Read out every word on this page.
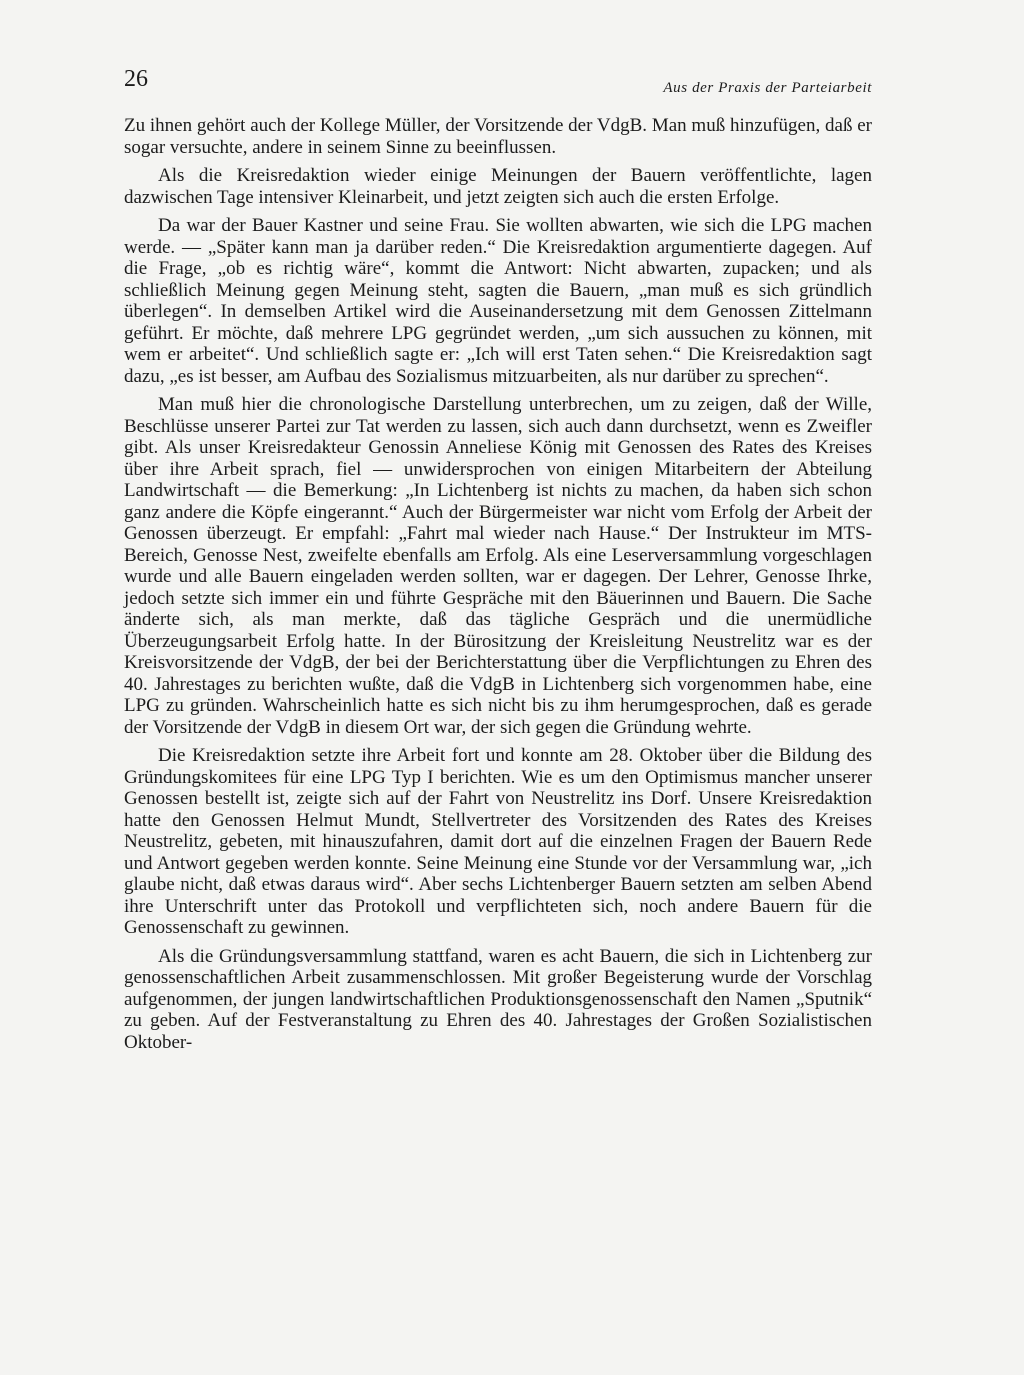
26	Aus der Praxis der Parteiarbeit

Zu ihnen gehört auch der Kollege Müller, der Vorsitzende der VdgB. Man muß hinzufügen, daß er sogar versuchte, andere in seinem Sinne zu beeinflussen.

Als die Kreisredaktion wieder einige Meinungen der Bauern veröffentlichte, lagen dazwischen Tage intensiver Kleinarbeit, und jetzt zeigten sich auch die ersten Erfolge.

Da war der Bauer Kastner und seine Frau. Sie wollten abwarten, wie sich die LPG machen werde. — „Später kann man ja darüber reden.“ Die Kreisredaktion argumentierte dagegen. Auf die Frage, „ob es richtig wäre“, kommt die Antwort: Nicht abwarten, zupacken; und als schließlich Meinung gegen Meinung steht, sagten die Bauern, „man muß es sich gründlich überlegen“. In demselben Artikel wird die Auseinandersetzung mit dem Genossen Zittelmann geführt. Er möchte, daß mehrere LPG gegründet werden, „um sich aussuchen zu können, mit wem er arbeitet“. Und schließlich sagte er: „Ich will erst Taten sehen.“ Die Kreisredaktion sagt dazu, „es ist besser, am Aufbau des Sozialismus mitzuarbeiten, als nur darüber zu sprechen“.

Man muß hier die chronologische Darstellung unterbrechen, um zu zeigen, daß der Wille, Beschlüsse unserer Partei zur Tat werden zu lassen, sich auch dann durchsetzt, wenn es Zweifler gibt. Als unser Kreisredakteur Genossin Anneliese König mit Genossen des Rates des Kreises über ihre Arbeit sprach, fiel — unwidersprochen von einigen Mitarbeitern der Abteilung Landwirtschaft — die Bemerkung: „In Lichtenberg ist nichts zu machen, da haben sich schon ganz andere die Köpfe eingerannt.“ Auch der Bürgermeister war nicht vom Erfolg der Arbeit der Genossen überzeugt. Er empfahl: „Fahrt mal wieder nach Hause.“ Der Instrukteur im MTS-Bereich, Genosse Nest, zweifelte ebenfalls am Erfolg. Als eine Leserversammlung vorgeschlagen wurde und alle Bauern eingeladen werden sollten, war er dagegen. Der Lehrer, Genosse Ihrke, jedoch setzte sich immer ein und führte Gespräche mit den Bäuerinnen und Bauern. Die Sache änderte sich, als man merkte, daß das tägliche Gespräch und die unermüdliche Überzeugungsarbeit Erfolg hatte. In der Bürositzung der Kreisleitung Neustrelitz war es der Kreisvorsitzende der VdgB, der bei der Berichterstattung über die Verpflichtungen zu Ehren des 40. Jahrestages zu berichten wußte, daß die VdgB in Lichtenberg sich vorgenommen habe, eine LPG zu gründen. Wahrscheinlich hatte es sich nicht bis zu ihm herumgesprochen, daß es gerade der Vorsitzende der VdgB in diesem Ort war, der sich gegen die Gründung wehrte.

Die Kreisredaktion setzte ihre Arbeit fort und konnte am 28. Oktober über die Bildung des Gründungskomitees für eine LPG Typ I berichten. Wie es um den Optimismus mancher unserer Genossen bestellt ist, zeigte sich auf der Fahrt von Neustrelitz ins Dorf. Unsere Kreisredaktion hatte den Genossen Helmut Mundt, Stellvertreter des Vorsitzenden des Rates des Kreises Neustrelitz, gebeten, mit hinauszufahren, damit dort auf die einzelnen Fragen der Bauern Rede und Antwort gegeben werden konnte. Seine Meinung eine Stunde vor der Versammlung war, „ich glaube nicht, daß etwas daraus wird“. Aber sechs Lichtenberger Bauern setzten am selben Abend ihre Unterschrift unter das Protokoll und verpflichteten sich, noch andere Bauern für die Genossenschaft zu gewinnen.

Als die Gründungsversammlung stattfand, waren es acht Bauern, die sich in Lichtenberg zur genossenschaftlichen Arbeit zusammenschlossen. Mit großer Begeisterung wurde der Vorschlag aufgenommen, der jungen landwirtschaftlichen Produktionsgenossenschaft den Namen „Sputnik“ zu geben. Auf der Festveranstaltung zu Ehren des 40. Jahrestages der Großen Sozialistischen Oktober-
